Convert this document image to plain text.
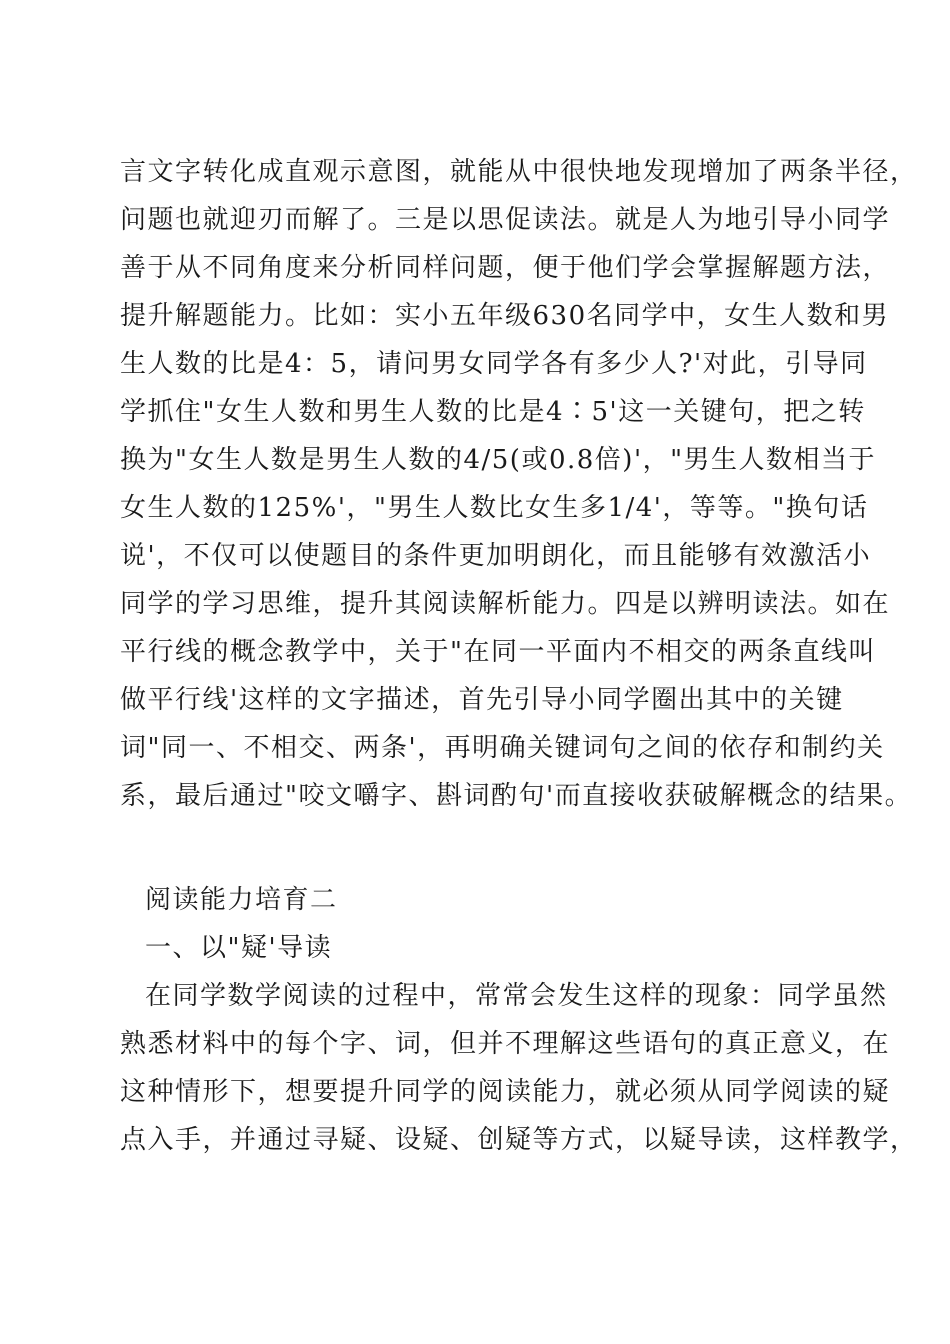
言文字转化成直观示意图，就能从中很快地发现增加了两条半径，
问题也就迎刃而解了。三是以思促读法。就是人为地引导小同学
善于从不同角度来分析同样问题，便于他们学会掌握解题方法，
提升解题能力。比如：实小五年级630名同学中，女生人数和男
生人数的比是4：5，请问男女同学各有多少人?'对此，引导同
学抓住"女生人数和男生人数的比是4∶5'这一关键句，把之转
换为"女生人数是男生人数的4/5(或0.8倍)'，"男生人数相当于
女生人数的125%'，"男生人数比女生多1/4'，等等。"换句话
说'，不仅可以使题目的条件更加明朗化，而且能够有效激活小
同学的学习思维，提升其阅读解析能力。四是以辨明读法。如在
平行线的概念教学中，关于"在同一平面内不相交的两条直线叫
做平行线'这样的文字描述，首先引导小同学圈出其中的关键
词"同一、不相交、两条'，再明确关键词句之间的依存和制约关
系，最后通过"咬文嚼字、斟词酌句'而直接收获破解概念的结果。
阅读能力培育二
一、以"疑'导读
在同学数学阅读的过程中，常常会发生这样的现象：同学虽然
熟悉材料中的每个字、词，但并不理解这些语句的真正意义，在
这种情形下，想要提升同学的阅读能力，就必须从同学阅读的疑
点入手，并通过寻疑、设疑、创疑等方式，以疑导读，这样教学，
